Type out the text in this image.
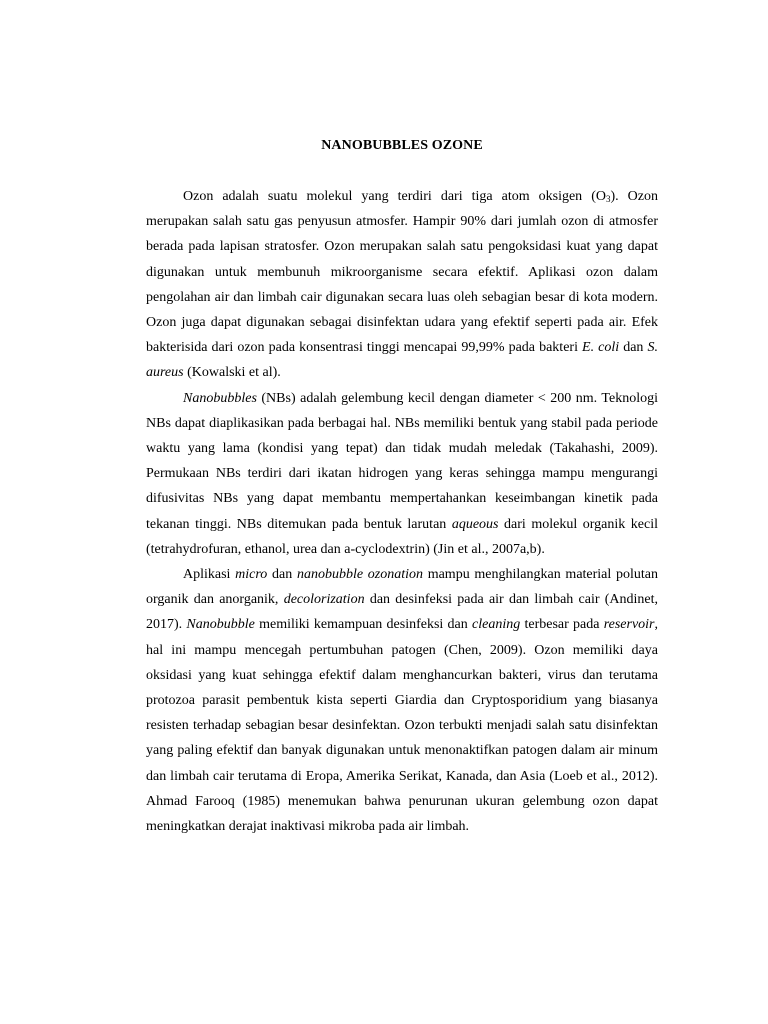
NANOBUBBLES OZONE

Ozon adalah suatu molekul yang terdiri dari tiga atom oksigen $(O_3)$. Ozon merupakan salah satu gas penyusun atmosfer. Hampir 90% dari jumlah ozon di atmosfer berada pada lapisan stratosfer. Ozon merupakan salah satu pengoksidasi kuat yang dapat digunakan untuk membunuh mikroorganisme secara efektif. Aplikasi ozon dalam pengolahan air dan limbah cair digunakan secara luas oleh sebagian besar di kota modern. Ozon juga dapat digunakan sebagai disinfektan udara yang efektif seperti pada air. Efek bakterisida dari ozon pada konsentrasi tinggi mencapai 99,99% pada bakteri E. coli dan S. aureus (Kowalski et al).

Nanobubbles (NBs) adalah gelembung kecil dengan diameter < 200 nm. Teknologi NBs dapat diaplikasikan pada berbagai hal. NBs memiliki bentuk yang stabil pada periode waktu yang lama (kondisi yang tepat) dan tidak mudah meledak (Takahashi, 2009). Permukaan NBs terdiri dari ikatan hidrogen yang keras sehingga mampu mengurangi difusivitas NBs yang dapat membantu mempertahankan keseimbangan kinetik pada tekanan tinggi. NBs ditemukan pada bentuk larutan aqueous dari molekul organik kecil (tetrahydrofuran, ethanol, urea dan a-cyclodextrin) (Jin et al., 2007a,b).

Aplikasi micro dan nanobubble ozonation mampu menghilangkan material polutan organik dan anorganik, decolorization dan desinfeksi pada air dan limbah cair (Andinet, 2017). Nanobubble memiliki kemampuan desinfeksi dan cleaning terbesar pada reservoir, hal ini mampu mencegah pertumbuhan patogen (Chen, 2009). Ozon memiliki daya oksidasi yang kuat sehingga efektif dalam menghancurkan bakteri, virus dan terutama protozoa parasit pembentuk kista seperti Giardia dan Cryptosporidium yang biasanya resisten terhadap sebagian besar desinfektan. Ozon terbukti menjadi salah satu disinfektan yang paling efektif dan banyak digunakan untuk menonaktifkan patogen dalam air minum dan limbah cair terutama di Eropa, Amerika Serikat, Kanada, dan Asia (Loeb et al., 2012). Ahmad Farooq (1985) menemukan bahwa penurunan ukuran gelembung ozon dapat meningkatkan derajat inaktivasi mikroba pada air limbah.
